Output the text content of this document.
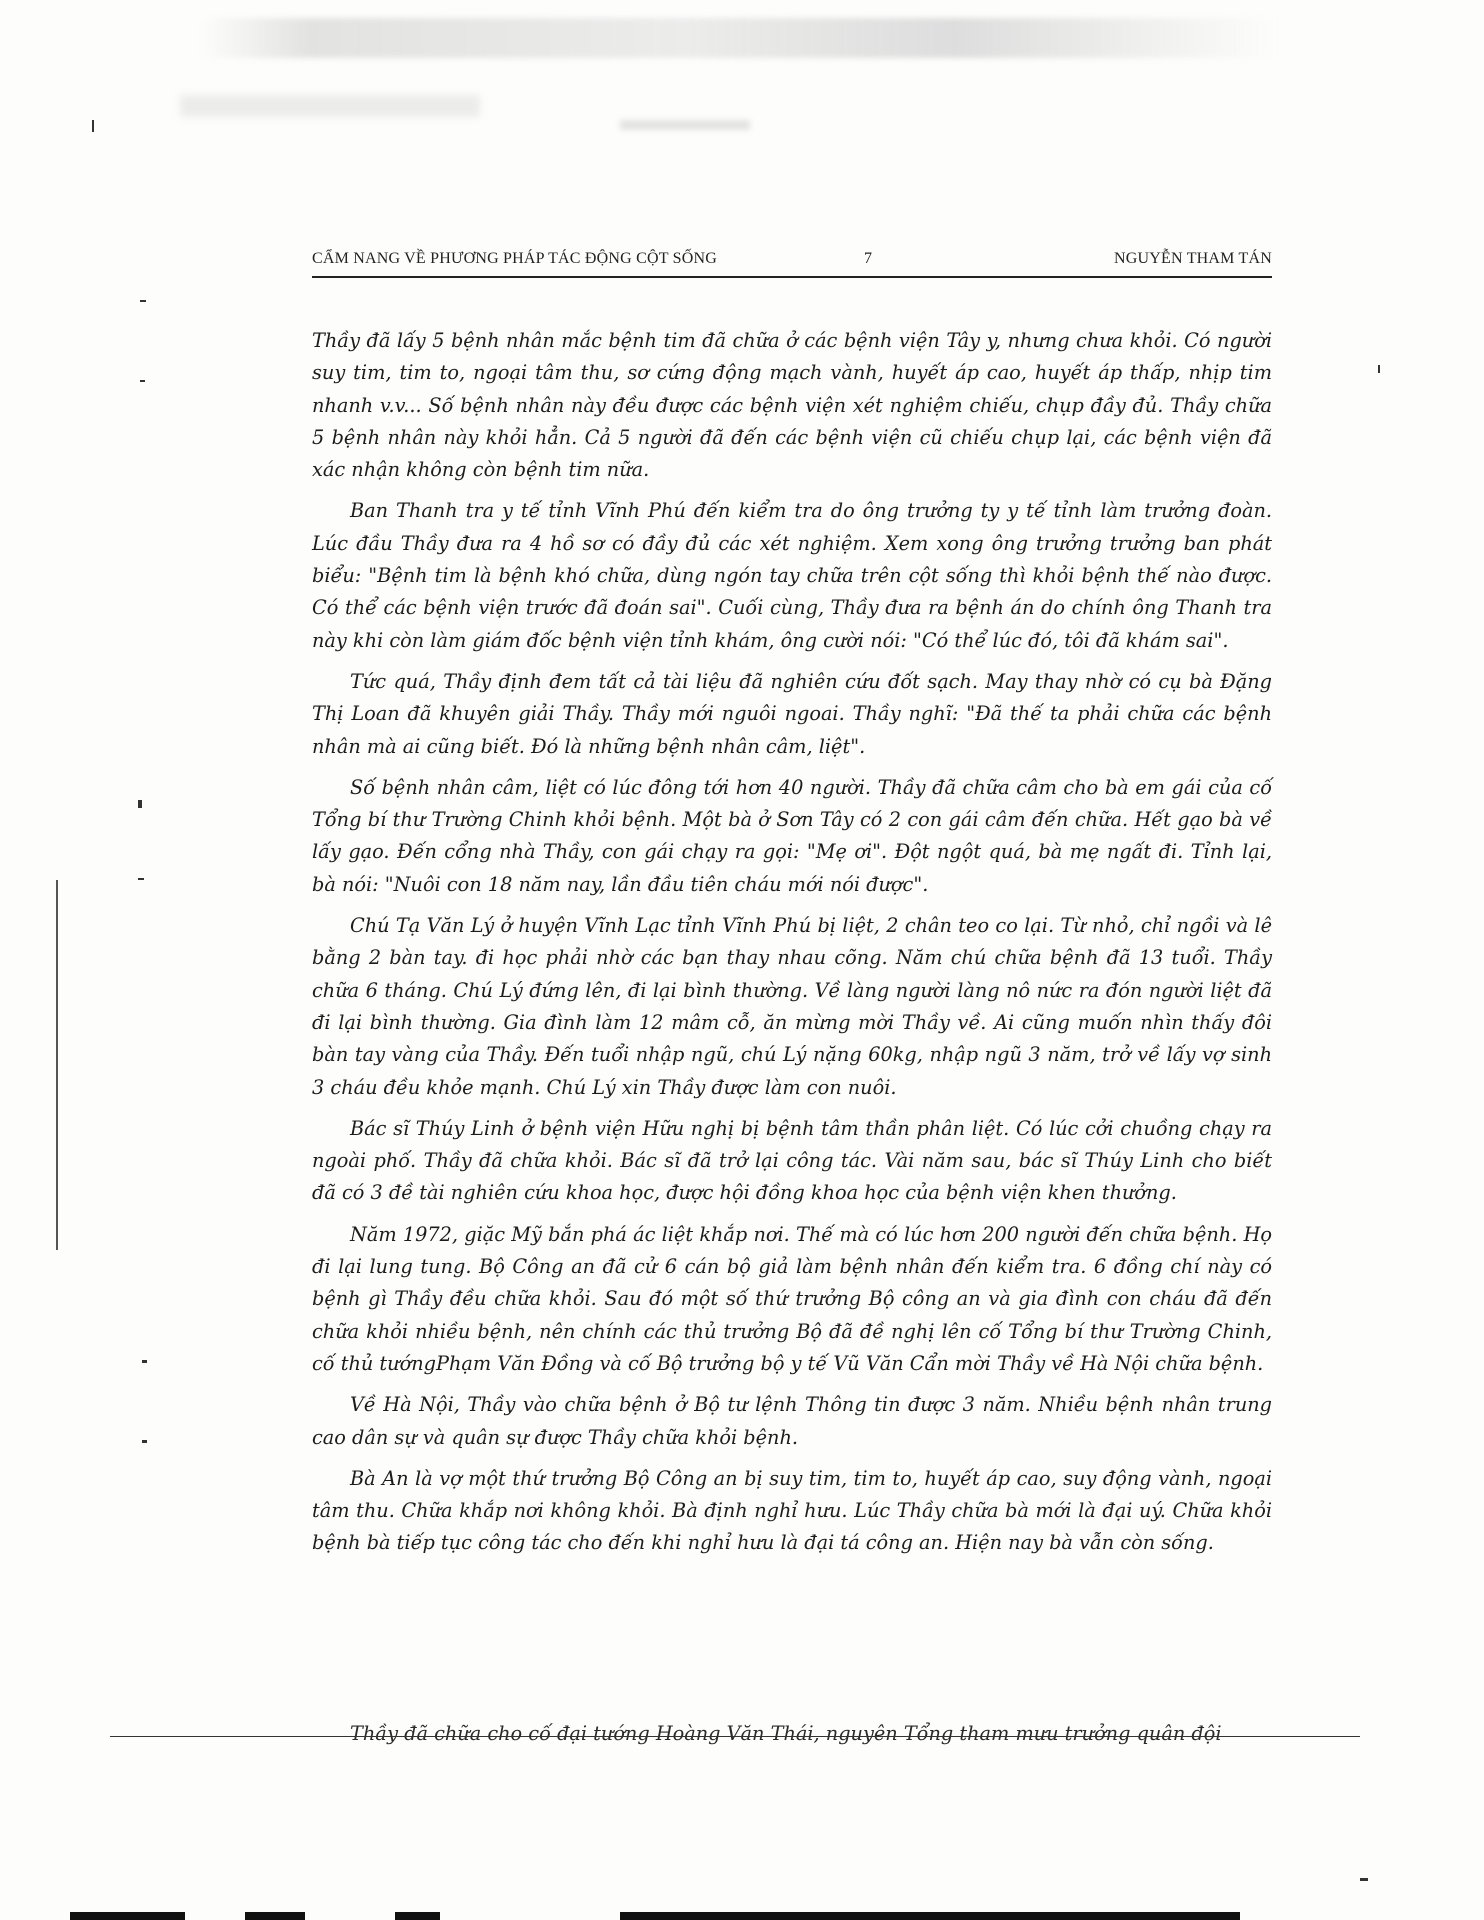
CẨM NANG VỀ PHƯƠNG PHÁP TÁC ĐỘNG CỘT SỐNG	7	NGUYỄN THAM TÁN

Thầy đã lấy 5 bệnh nhân mắc bệnh tim đã chữa ở các bệnh viện Tây y, nhưng chưa khỏi. Có người suy tim, tim to, ngoại tâm thu, sơ cứng động mạch vành, huyết áp cao, huyết áp thấp, nhịp tim nhanh v.v... Số bệnh nhân này đều được các bệnh viện xét nghiệm chiếu, chụp đầy đủ. Thầy chữa 5 bệnh nhân này khỏi hẳn. Cả 5 người đã đến các bệnh viện cũ chiếu chụp lại, các bệnh viện đã xác nhận không còn bệnh tim nữa.

Ban Thanh tra y tế tỉnh Vĩnh Phú đến kiểm tra do ông trưởng ty y tế tỉnh làm trưởng đoàn. Lúc đầu Thầy đưa ra 4 hồ sơ có đầy đủ các xét nghiệm. Xem xong ông trưởng trưởng ban phát biểu: "Bệnh tim là bệnh khó chữa, dùng ngón tay chữa trên cột sống thì khỏi bệnh thế nào được. Có thể các bệnh viện trước đã đoán sai". Cuối cùng, Thầy đưa ra bệnh án do chính ông Thanh tra này khi còn làm giám đốc bệnh viện tỉnh khám, ông cười nói: "Có thể lúc đó, tôi đã khám sai".

Tức quá, Thầy định đem tất cả tài liệu đã nghiên cứu đốt sạch. May thay nhờ có cụ bà Đặng Thị Loan đã khuyên giải Thầy. Thầy mới nguôi ngoai. Thầy nghĩ: "Đã thế ta phải chữa các bệnh nhân mà ai cũng biết. Đó là những bệnh nhân câm, liệt".

Số bệnh nhân câm, liệt có lúc đông tới hơn 40 người. Thầy đã chữa câm cho bà em gái của cố Tổng bí thư Trường Chinh khỏi bệnh. Một bà ở Sơn Tây có 2 con gái câm đến chữa. Hết gạo bà về lấy gạo. Đến cổng nhà Thầy, con gái chạy ra gọi: "Mẹ ơi". Đột ngột quá, bà mẹ ngất đi. Tỉnh lại, bà nói: "Nuôi con 18 năm nay, lần đầu tiên cháu mới nói được".

Chú Tạ Văn Lý ở huyện Vĩnh Lạc tỉnh Vĩnh Phú bị liệt, 2 chân teo co lại. Từ nhỏ, chỉ ngồi và lê bằng 2 bàn tay. đi học phải nhờ các bạn thay nhau cõng. Năm chú chữa bệnh đã 13 tuổi. Thầy chữa 6 tháng. Chú Lý đứng lên, đi lại bình thường. Về làng người làng nô nức ra đón người liệt đã đi lại bình thường. Gia đình làm 12 mâm cỗ, ăn mừng mời Thầy về. Ai cũng muốn nhìn thấy đôi bàn tay vàng của Thầy. Đến tuổi nhập ngũ, chú Lý nặng 60kg, nhập ngũ 3 năm, trở về lấy vợ sinh 3 cháu đều khỏe mạnh. Chú Lý xin Thầy được làm con nuôi.

Bác sĩ Thúy Linh ở bệnh viện Hữu nghị bị bệnh tâm thần phân liệt. Có lúc cởi chuồng chạy ra ngoài phố. Thầy đã chữa khỏi. Bác sĩ đã trở lại công tác. Vài năm sau, bác sĩ Thúy Linh cho biết đã có 3 đề tài nghiên cứu khoa học, được hội đồng khoa học của bệnh viện khen thưởng.

Năm 1972, giặc Mỹ bắn phá ác liệt khắp nơi. Thế mà có lúc hơn 200 người đến chữa bệnh. Họ đi lại lung tung. Bộ Công an đã cử 6 cán bộ giả làm bệnh nhân đến kiểm tra. 6 đồng chí này có bệnh gì Thầy đều chữa khỏi. Sau đó một số thứ trưởng Bộ công an và gia đình con cháu đã đến chữa khỏi nhiều bệnh, nên chính các thủ trưởng Bộ đã đề nghị lên cố Tổng bí thư Trường Chinh, cố thủ tướngPhạm Văn Đồng và cố Bộ trưởng bộ y tế Vũ Văn Cẩn mời Thầy về Hà Nội chữa bệnh.

Về Hà Nội, Thầy vào chữa bệnh ở Bộ tư lệnh Thông tin được 3 năm. Nhiều bệnh nhân trung cao dân sự và quân sự được Thầy chữa khỏi bệnh.

Bà An là vợ một thứ trưởng Bộ Công an bị suy tim, tim to, huyết áp cao, suy động vành, ngoại tâm thu. Chữa khắp nơi không khỏi. Bà định nghỉ hưu. Lúc Thầy chữa bà mới là đại uý. Chữa khỏi bệnh bà tiếp tục công tác cho đến khi nghỉ hưu là đại tá công an. Hiện nay bà vẫn còn sống.

Thầy đã chữa cho cố đại tướng Hoàng Văn Thái, nguyên Tổng tham mưu trưởng quân đội
